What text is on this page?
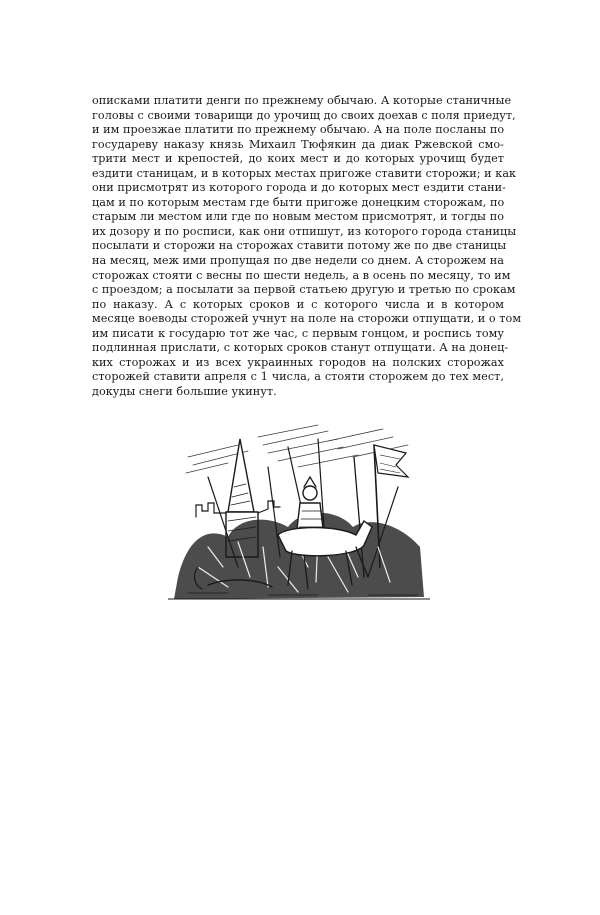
описками платити денги по прежнему обычаю. А которые станичные
головы с своими товарищи до урочищ до своих доехав с поля приедут,
и им проезжае платити по прежнему обычаю. А на поле посланы по
государеву наказу князь Михаил Тюфякин да диак Ржевской смо-
трити мест и крепостей, до коих мест и до которых урочищ будет
ездити станицам, и в которых местах пригоже ставити сторожи; и как
они присмотрят из которого города и до которых мест ездити стани-
цам и по которым местам где быти пригоже донецким сторожам, по
старым ли местом или где по новым местом присмотрят, и тогды по
их дозору и по росписи, как они отпишут, из которого города станицы
посылати и сторожи на сторожах ставити потому же по две станицы
на месяц, меж ими пропущая по две недели со днем. А сторожем на
сторожах стояти с весны по шести недель, а в осень по месяцу, то им
с проездом; а посылати за первой статьею другую и третью по срокам
по наказу. А с которых сроков и с которого числа и в котором
месяце воеводы сторожей учнут на поле на сторожи отпущати, и о том
им писати к государю тот же час, с первым гонцом, и роспись тому
подлинная прислати, с которых сроков станут отпущати. А на донец-
ких сторожах и из всех украинных городов на полских сторожах
сторожей ставити апреля с 1 числа, а стояти сторожем до тех мест,
докуды снеги большие укинут.
